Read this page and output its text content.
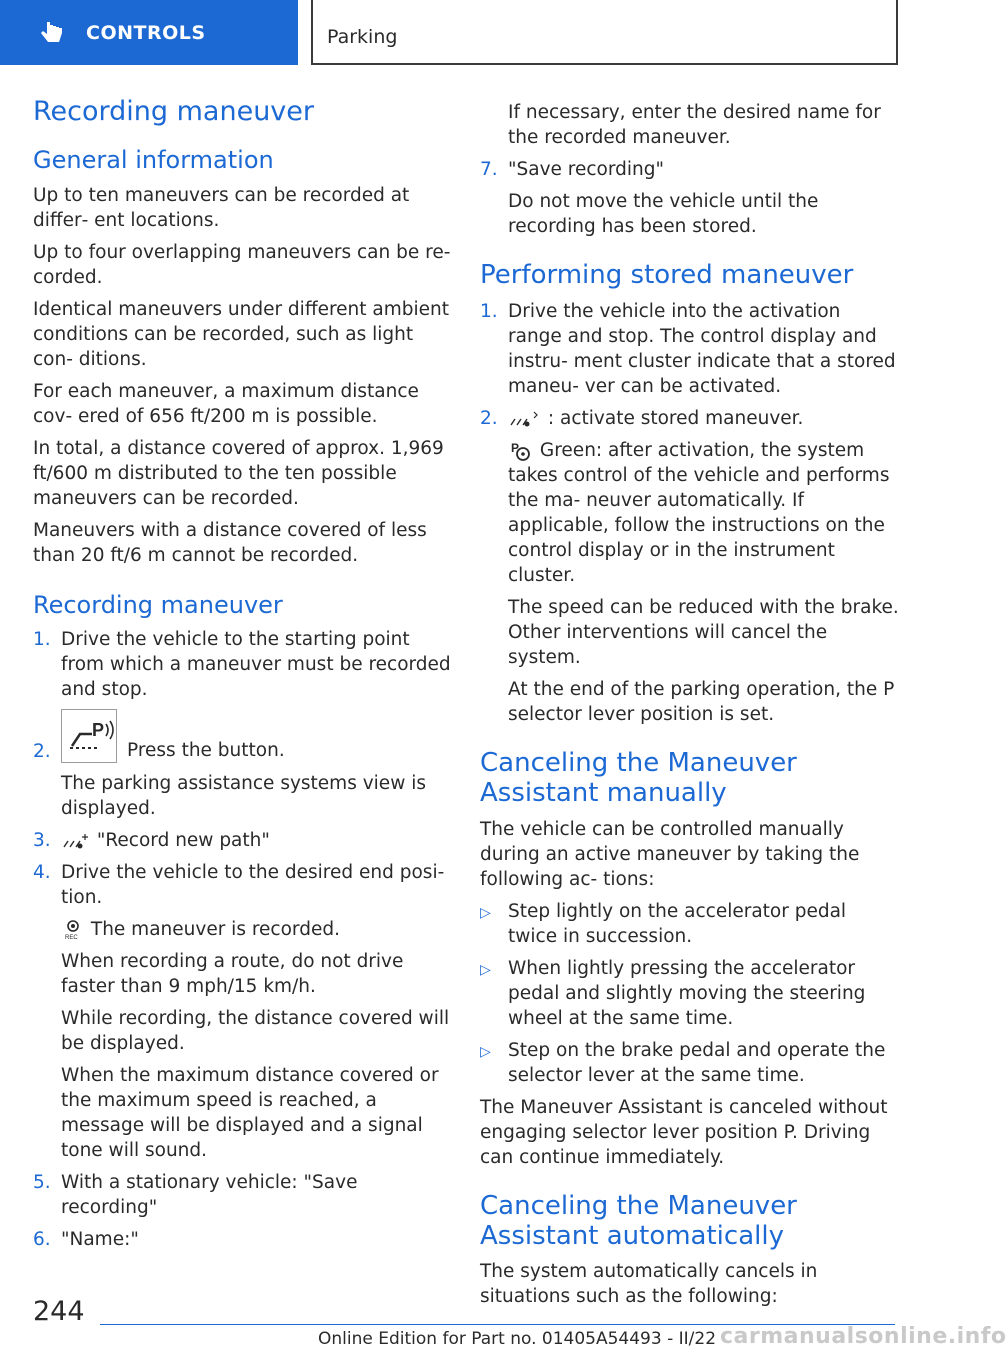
CONTROLS	Parking
Recording maneuver
General information

Up to ten maneuvers can be recorded at differ‐ ent locations.

Up to four overlapping maneuvers can be re‐ corded.

Identical maneuvers under different ambient conditions can be recorded, such as light con‐ ditions.

For each maneuver, a maximum distance cov‐ ered of 656 ft/200 m is possible.

In total, a distance covered of approx. 1,969 ft/600 m distributed to the ten possible maneuvers can be recorded.

Maneuvers with a distance covered of less than 20 ft/6 m cannot be recorded.

Recording maneuver
1. Drive the vehicle to the starting point from which a maneuver must be recorded and stop.
2.
P
Press the button.

The parking assistance systems view is displayed.

3.	"Record new path"
4. Drive the vehicle to the desired end posi‐ tion.

REC The maneuver is recorded.

When recording a route, do not drive faster than 9 mph/15 km/h.

While recording, the distance covered will be displayed.

When the maximum distance covered or the maximum speed is reached, a message will be displayed and a signal tone will sound.

5. With a stationary vehicle: "Save recording"
6. "Name:"

If necessary, enter the desired name for the recorded maneuver.

7. "Save recording"

Do not move the vehicle until the recording has been stored.

Performing stored maneuver
1. Drive the vehicle into the activation range and stop. The control display and instru‐ ment cluster indicate that a stored maneu‐ ver can be activated.
2.	: activate stored maneuver.

P Green: after activation, the system takes control of the vehicle and performs the ma‐ neuver automatically. If applicable, follow the instructions on the control display or in the instrument cluster.

The speed can be reduced with the brake. Other interventions will cancel the system.

At the end of the parking operation, the P selector lever position is set.

Canceling the Maneuver Assistant manually

The vehicle can be controlled manually during an active maneuver by taking the following ac‐ tions:

▷ Step lightly on the accelerator pedal twice in succession.
▷ When lightly pressing the accelerator pedal and slightly moving the steering wheel at the same time.
▷ Step on the brake pedal and operate the selector lever at the same time.

The Maneuver Assistant is canceled without engaging selector lever position P. Driving can continue immediately.

Canceling the Maneuver Assistant automatically

The system automatically cancels in situations such as the following:

244
Online Edition for Part no. 01405A54493 - II/22 carmanualsonline.info
